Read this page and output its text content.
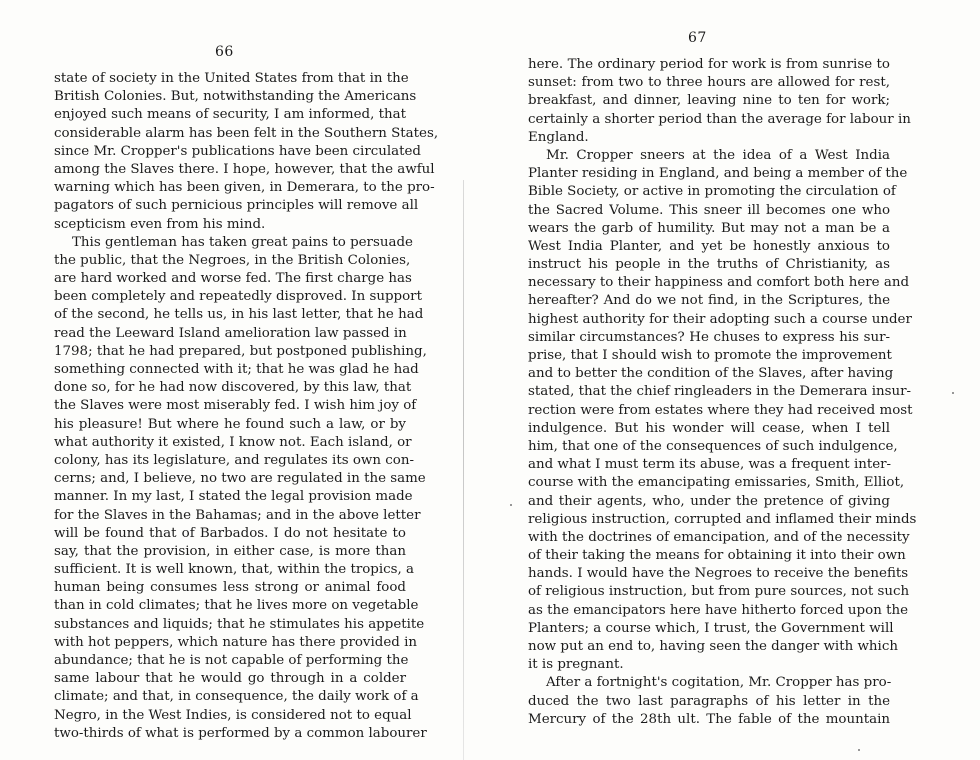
66
state of society in the United States from that in the
British Colonies. But, notwithstanding the Americans
enjoyed such means of security, I am informed, that
considerable alarm has been felt in the Southern States,
since Mr. Cropper's publications have been circulated
among the Slaves there. I hope, however, that the awful
warning which has been given, in Demerara, to the pro-
pagators of such pernicious principles will remove all
scepticism even from his mind.
This gentleman has taken great pains to persuade
the public, that the Negroes, in the British Colonies,
are hard worked and worse fed. The first charge has
been completely and repeatedly disproved. In support
of the second, he tells us, in his last letter, that he had
read the Leeward Island amelioration law passed in
1798; that he had prepared, but postponed publishing,
something connected with it; that he was glad he had
done so, for he had now discovered, by this law, that
the Slaves were most miserably fed. I wish him joy of
his pleasure! But where he found such a law, or by
what authority it existed, I know not. Each island, or
colony, has its legislature, and regulates its own con-
cerns; and, I believe, no two are regulated in the same
manner. In my last, I stated the legal provision made
for the Slaves in the Bahamas; and in the above letter
will be found that of Barbados. I do not hesitate to
say, that the provision, in either case, is more than
sufficient. It is well known, that, within the tropics, a
human being consumes less strong or animal food
than in cold climates; that he lives more on vegetable
substances and liquids; that he stimulates his appetite
with hot peppers, which nature has there provided in
abundance; that he is not capable of performing the
same labour that he would go through in a colder
climate; and that, in consequence, the daily work of a
Negro, in the West Indies, is considered not to equal
two-thirds of what is performed by a common labourer
67
here. The ordinary period for work is from sunrise to
sunset: from two to three hours are allowed for rest,
breakfast, and dinner, leaving nine to ten for work;
certainly a shorter period than the average for labour in
England.
Mr. Cropper sneers at the idea of a West India
Planter residing in England, and being a member of the
Bible Society, or active in promoting the circulation of
the Sacred Volume. This sneer ill becomes one who
wears the garb of humility. But may not a man be a
West India Planter, and yet be honestly anxious to
instruct his people in the truths of Christianity, as
necessary to their happiness and comfort both here and
hereafter? And do we not find, in the Scriptures, the
highest authority for their adopting such a course under
similar circumstances? He chuses to express his sur-
prise, that I should wish to promote the improvement
and to better the condition of the Slaves, after having
stated, that the chief ringleaders in the Demerara insur-
rection were from estates where they had received most
indulgence. But his wonder will cease, when I tell
him, that one of the consequences of such indulgence,
and what I must term its abuse, was a frequent inter-
course with the emancipating emissaries, Smith, Elliot,
and their agents, who, under the pretence of giving
religious instruction, corrupted and inflamed their minds
with the doctrines of emancipation, and of the necessity
of their taking the means for obtaining it into their own
hands. I would have the Negroes to receive the benefits
of religious instruction, but from pure sources, not such
as the emancipators here have hitherto forced upon the
Planters; a course which, I trust, the Government will
now put an end to, having seen the danger with which
it is pregnant.
After a fortnight's cogitation, Mr. Cropper has pro-
duced the two last paragraphs of his letter in the
Mercury of the 28th ult. The fable of the mountain
